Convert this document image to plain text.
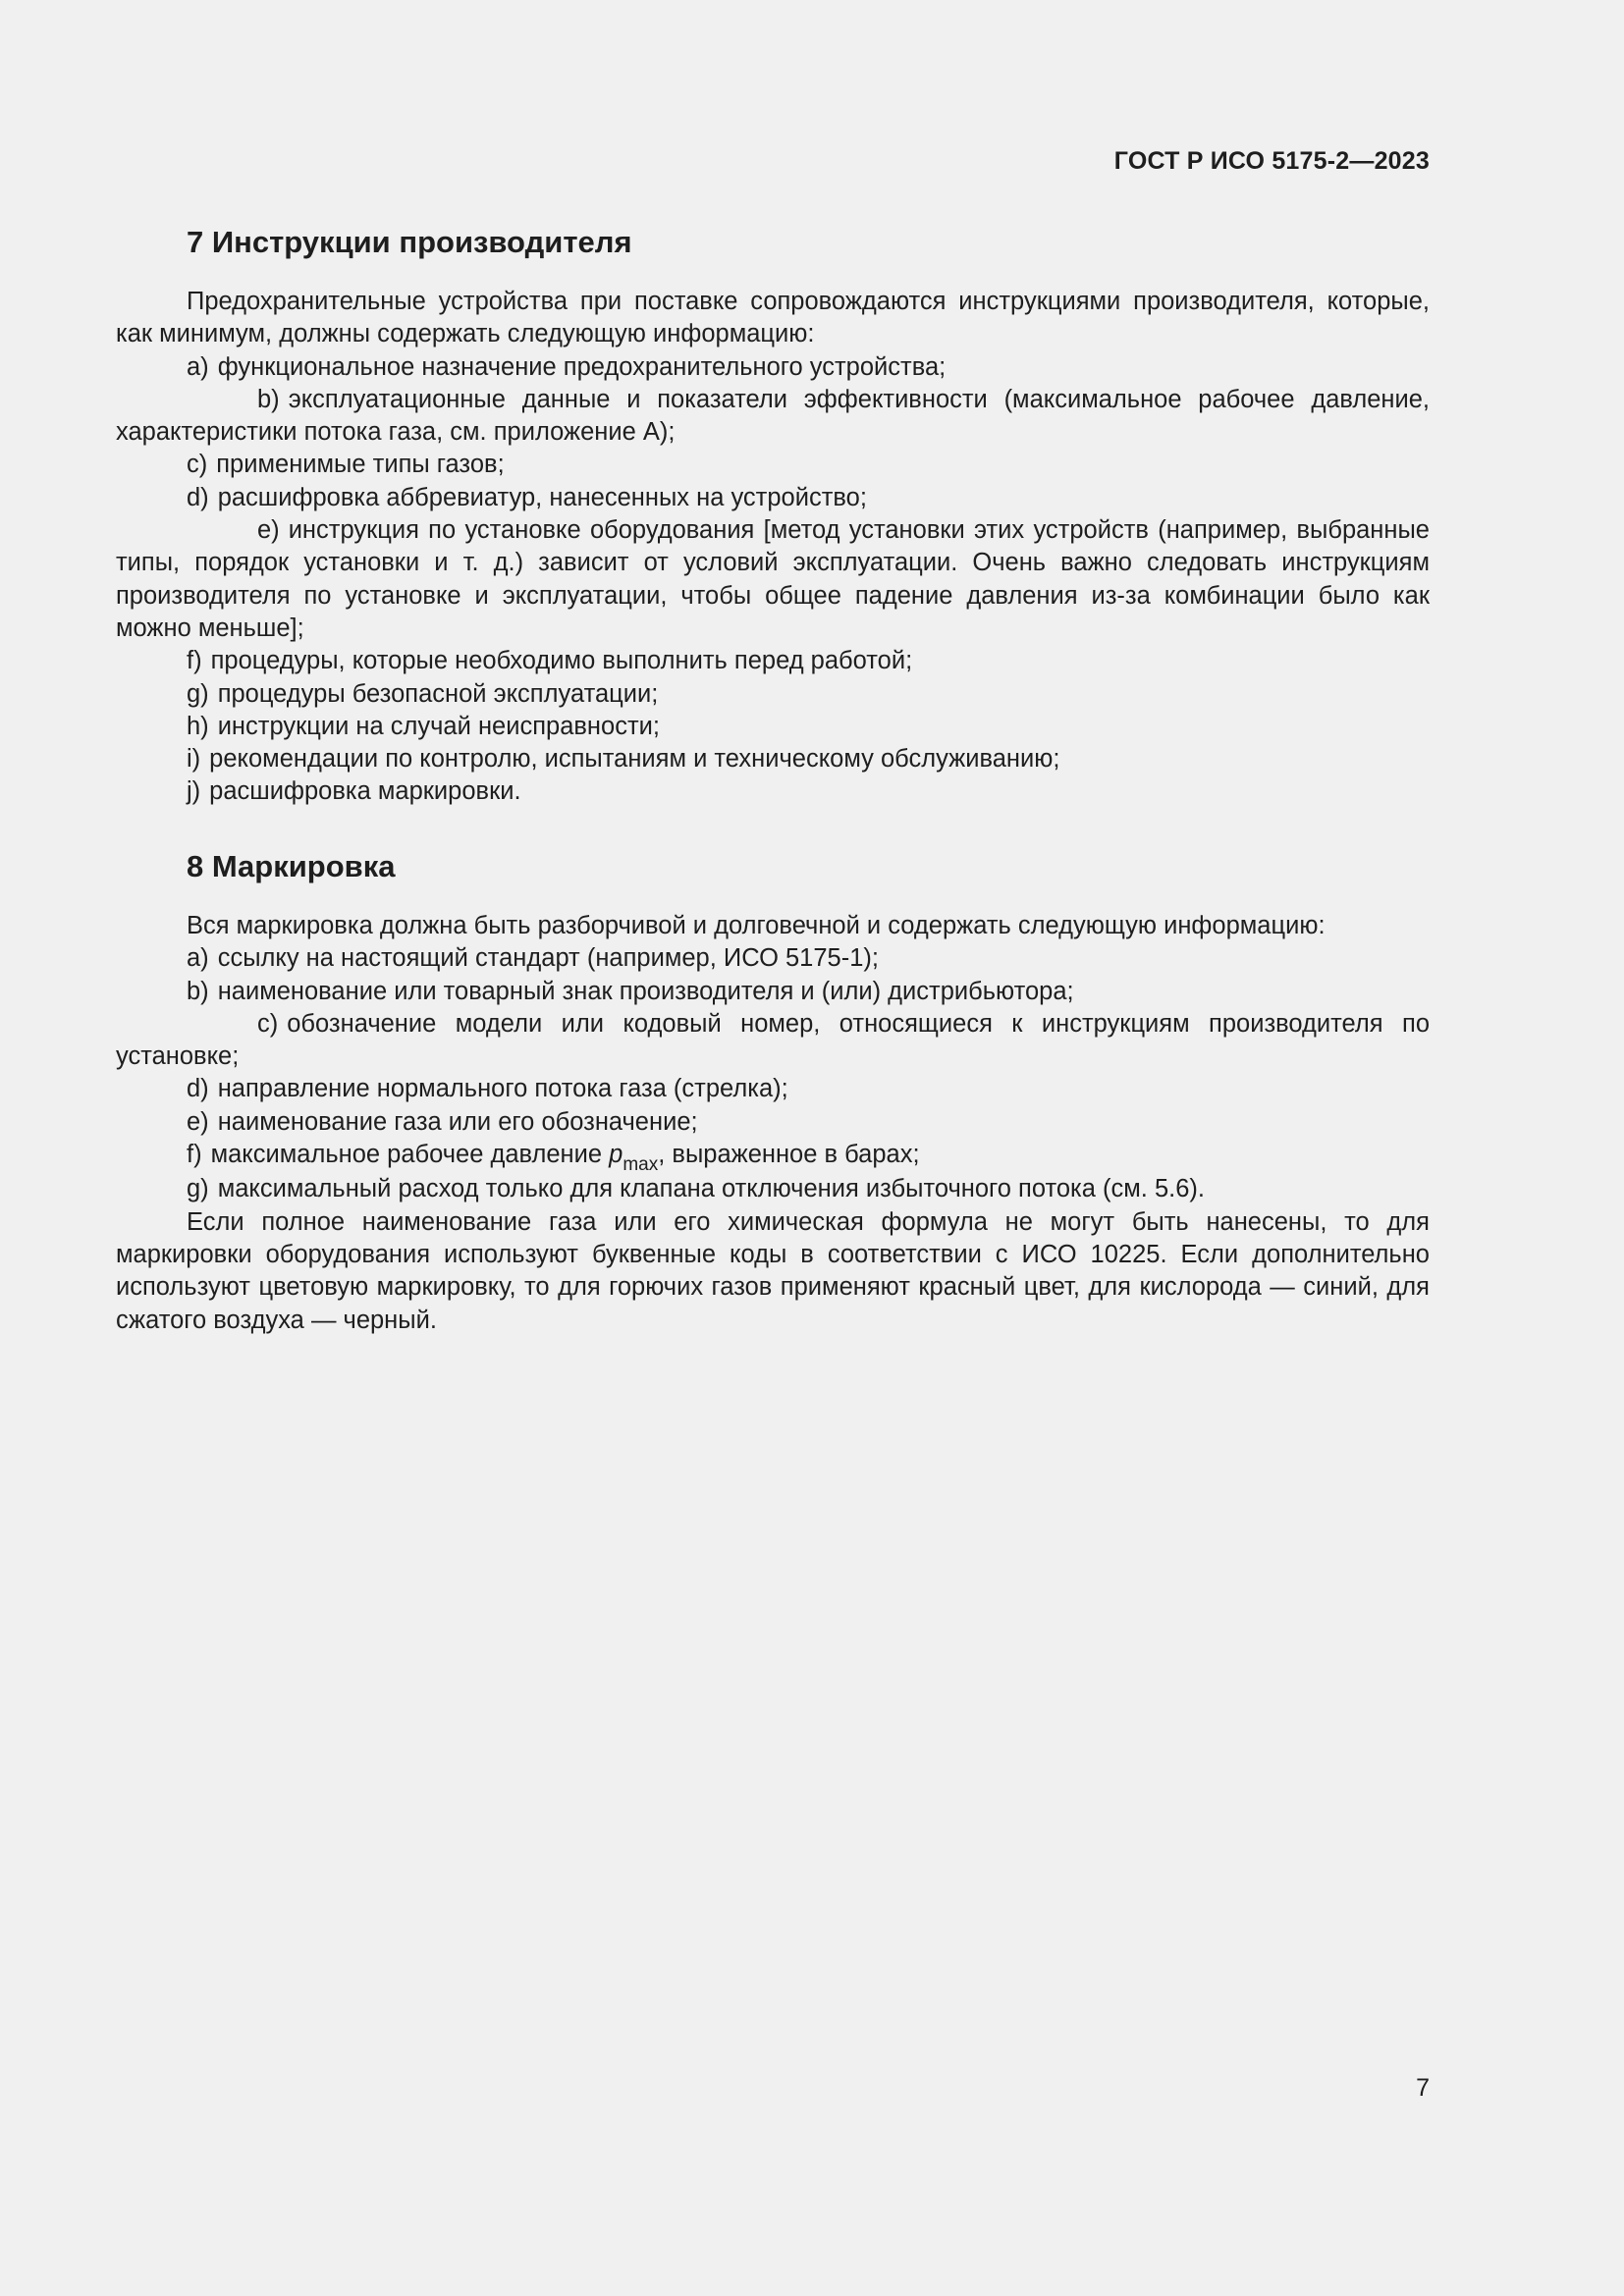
ГОСТ Р ИСО 5175-2—2023

7 Инструкции производителя

Предохранительные устройства при поставке сопровождаются инструкциями производителя, которые, как минимум, должны содержать следующую информацию:

a) функциональное назначение предохранительного устройства;

b) эксплуатационные данные и показатели эффективности (максимальное рабочее давление, характеристики потока газа, см. приложение А);

c) применимые типы газов;

d) расшифровка аббревиатур, нанесенных на устройство;

e) инструкция по установке оборудования [метод установки этих устройств (например, выбранные типы, порядок установки и т. д.) зависит от условий эксплуатации. Очень важно следовать инструкциям производителя по установке и эксплуатации, чтобы общее падение давления из-за комбинации было как можно меньше];

f) процедуры, которые необходимо выполнить перед работой;

g) процедуры безопасной эксплуатации;

h) инструкции на случай неисправности;

i) рекомендации по контролю, испытаниям и техническому обслуживанию;

j) расшифровка маркировки.

8 Маркировка

Вся маркировка должна быть разборчивой и долговечной и содержать следующую информацию:

a) ссылку на настоящий стандарт (например, ИСО 5175-1);

b) наименование или товарный знак производителя и (или) дистрибьютора;

c) обозначение модели или кодовый номер, относящиеся к инструкциям производителя по установке;

d) направление нормального потока газа (стрелка);

e) наименование газа или его обозначение;

f) максимальное рабочее давление $p_{max}$, выраженное в барах;

g) максимальный расход только для клапана отключения избыточного потока (см. 5.6).

Если полное наименование газа или его химическая формула не могут быть нанесены, то для маркировки оборудования используют буквенные коды в соответствии с ИСО 10225. Если дополнительно используют цветовую маркировку, то для горючих газов применяют красный цвет, для кислорода — синий, для сжатого воздуха — черный.

7
